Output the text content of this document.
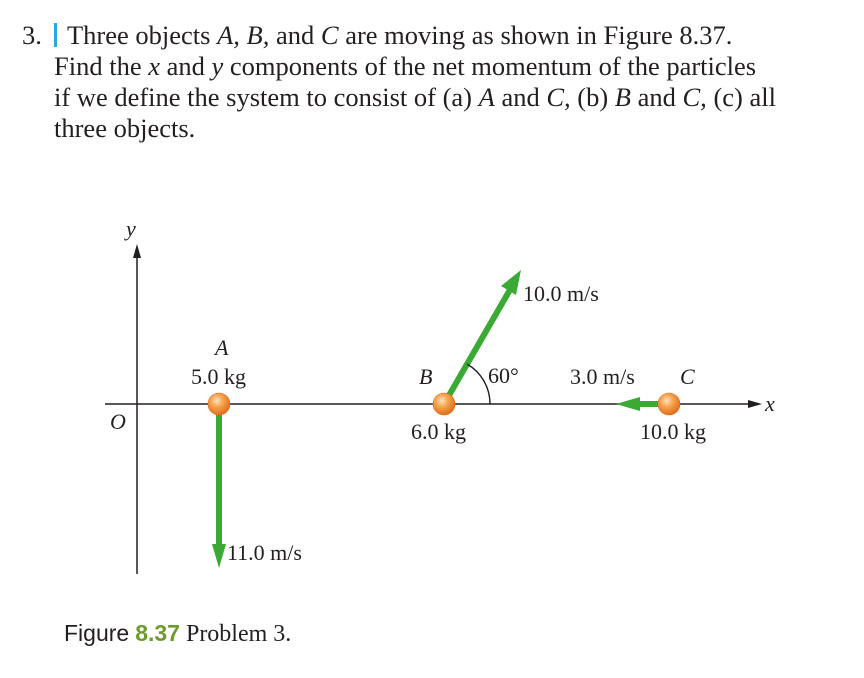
3. Three objects A, B, and C are moving as shown in Figure 8.37.
Find the x and y components of the net momentum of the particles
if we define the system to consist of (a) A and C, (b) B and C, (c) all
three objects.
y
x
O
A
5.0 kg
11.0 m/s
60°
B
6.0 kg
10.0 m/s
C
3.0 m/s
10.0 kg
Figure 8.37 Problem 3.
